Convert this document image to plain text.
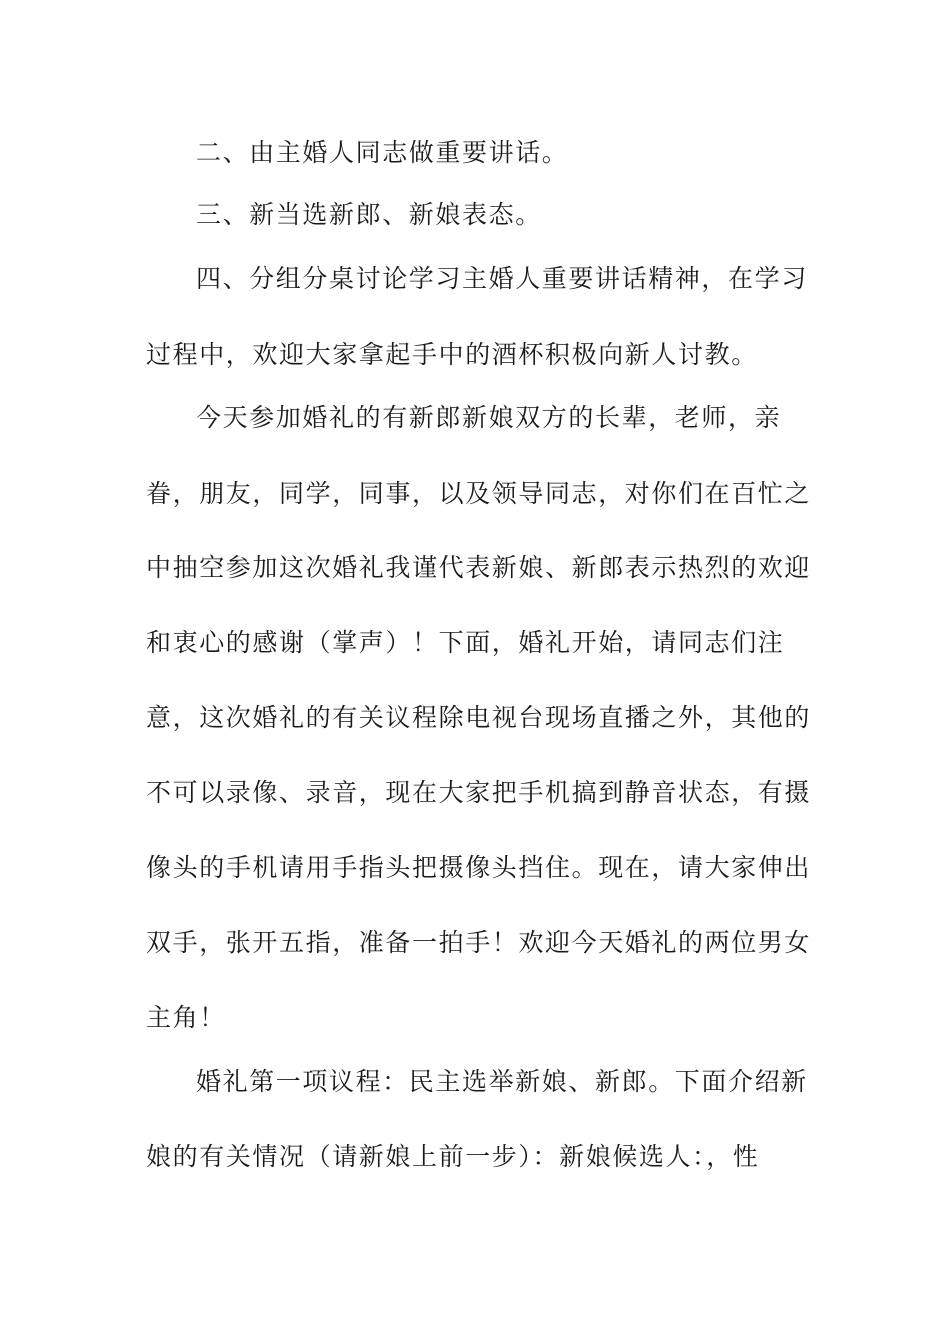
二、由主婚人同志做重要讲话。
三、新当选新郎、新娘表态。
四、分组分桌讨论学习主婚人重要讲话精神，在学习
过程中，欢迎大家拿起手中的酒杯积极向新人讨教。
今天参加婚礼的有新郎新娘双方的长辈，老师，亲
眷，朋友，同学，同事，以及领导同志，对你们在百忙之
中抽空参加这次婚礼我谨代表新娘、新郎表示热烈的欢迎
和衷心的感谢（掌声）！下面，婚礼开始，请同志们注
意，这次婚礼的有关议程除电视台现场直播之外，其他的
不可以录像、录音，现在大家把手机搞到静音状态，有摄
像头的手机请用手指头把摄像头挡住。现在，请大家伸出
双手，张开五指，准备一拍手！欢迎今天婚礼的两位男女
主角！
婚礼第一项议程：民主选举新娘、新郎。下面介绍新
娘的有关情况（请新娘上前一步）：新娘候选人：，性
